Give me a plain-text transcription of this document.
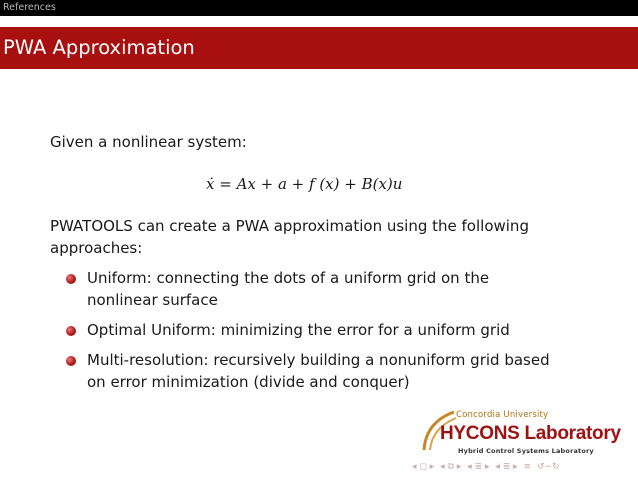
References
PWA Approximation
Given a nonlinear system:
ẋ = Ax + a + f (x) + B(x)u
PWATOOLS can create a PWA approximation using the following
approaches:
Uniform: connecting the dots of a uniform grid on the
nonlinear surface
Optimal Uniform: minimizing the error for a uniform grid
Multi-resolution: recursively building a nonuniform grid based
on error minimization (divide and conquer)
Concordia University
HYCONS Laboratory
Hybrid Control Systems Laboratory
◂ ◻ ▸ ◂ ⧉ ▸ ◂ ≣ ▸ ◂ ≣ ▸ ≡ ↺∽↻
